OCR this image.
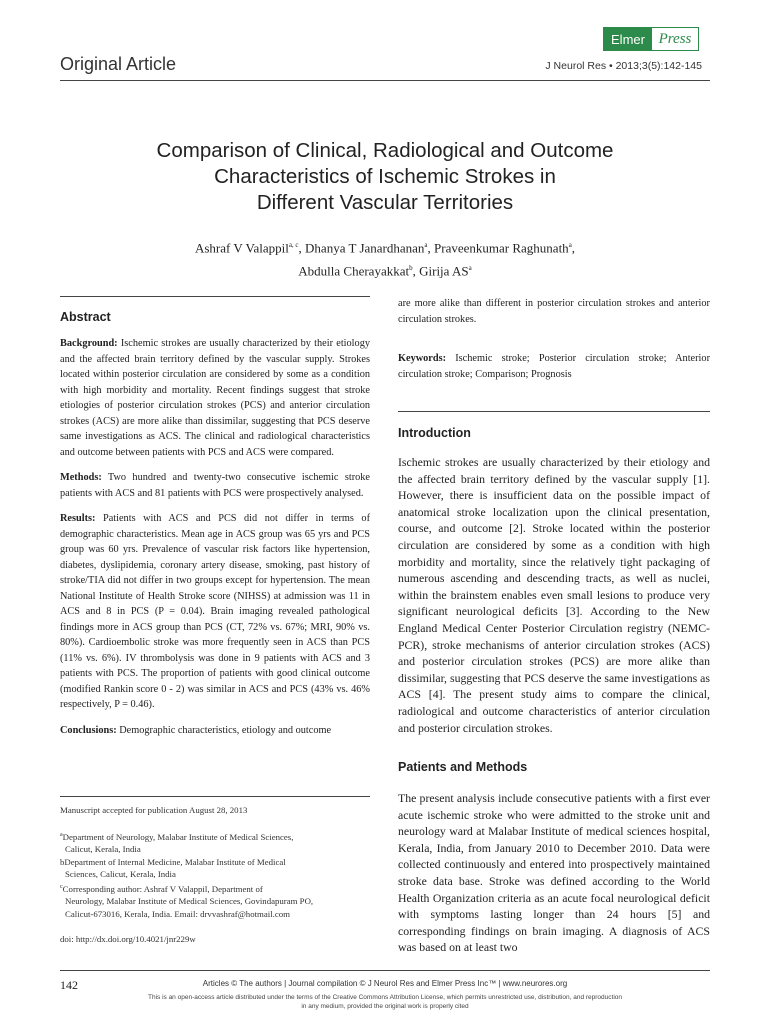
Elmer Press
Original Article	J Neurol Res • 2013;3(5):142-145
Comparison of Clinical, Radiological and Outcome
Characteristics of Ischemic Strokes in
Different Vascular Territories
Ashraf V Valappil$^{a, c}$, Dhanya T Janardhanan$^a$, Praveenkumar Raghunath$^a$,
Abdulla Cherayakkat$^b$, Girija $AS^a$
Abstract

Background: Ischemic strokes are usually characterized by their etiology and the affected brain territory defined by the vascular supply. Strokes located within posterior circulation are considered by some as a condition with high morbidity and mortality. Recent findings suggest that stroke etiologies of posterior circulation strokes (PCS) and anterior circulation strokes (ACS) are more alike than dissimilar, suggesting that PCS deserve same investigations as ACS. The clinical and radiological characteristics and outcome between patients with PCS and ACS were compared.

Methods: Two hundred and twenty-two consecutive ischemic stroke patients with ACS and 81 patients with PCS were prospectively analysed.

Results: Patients with ACS and PCS did not differ in terms of demographic characteristics. Mean age in ACS group was 65 yrs and PCS group was 60 yrs. Prevalence of vascular risk factors like hypertension, diabetes, dyslipidemia, coronary artery disease, smoking, past history of stroke/TIA did not differ in two groups except for hypertension. The mean National Institute of Health Stroke score (NIHSS) at admission was 11 in ACS and 8 in PCS (P = 0.04). Brain imaging revealed pathological findings more in ACS group than PCS (CT, 72% vs. 67%; MRI, 90% vs. 80%). Cardioembolic stroke was more frequently seen in ACS than PCS (11% vs. 6%). IV thrombolysis was done in 9 patients with ACS and 3 patients with PCS. The proportion of patients with good clinical outcome (modified Rankin score 0 - 2) was similar in ACS and PCS (43% vs. 46% respectively, P = 0.46).

Conclusions: Demographic characteristics, etiology and outcome

Manuscript accepted for publication August 28, 2013
$^a$Department of Neurology, Malabar Institute of Medical Sciences,
Calicut, Kerala, India
bDepartment of Internal Medicine, Malabar Institute of Medical
Sciences, Calicut, Kerala, India
$^c$Corresponding author: Ashraf V Valappil, Department of
Neurology, Malabar Institute of Medical Sciences, Govindapuram PO,
Calicut-673016, Kerala, India. Email: drvvashraf@hotmail.com
doi: http://dx.doi.org/10.4021/jnr229w

are more alike than different in posterior circulation strokes and anterior circulation strokes.

Keywords: Ischemic stroke; Posterior circulation stroke; Anterior circulation stroke; Comparison; Prognosis

Introduction

Ischemic strokes are usually characterized by their etiology and the affected brain territory defined by the vascular supply [1]. However, there is insufficient data on the possible impact of anatomical stroke localization upon the clinical presentation, course, and outcome [2]. Stroke located within the posterior circulation are considered by some as a condition with high morbidity and mortality, since the relatively tight packaging of numerous ascending and descending tracts, as well as nuclei, within the brainstem enables even small lesions to produce very significant neurological deficits [3]. According to the New England Medical Center Posterior Circulation registry (NEMC-PCR), stroke mechanisms of anterior circulation strokes (ACS) and posterior circulation strokes (PCS) are more alike than dissimilar, suggesting that PCS deserve the same investigations as ACS [4]. The present study aims to compare the clinical, radiological and outcome characteristics of anterior circulation and posterior circulation strokes.

Patients and Methods

The present analysis include consecutive patients with a first ever acute ischemic stroke who were admitted to the stroke unit and neurology ward at Malabar Institute of medical sciences hospital, Kerala, India, from January 2010 to December 2010. Data were collected continuously and entered into prospectively maintained stroke data base. Stroke was defined according to the World Health Organization criteria as an acute focal neurological deficit with symptoms lasting longer than 24 hours [5] and corresponding findings on brain imaging. A diagnosis of ACS was based on at least two

142	Articles © The authors | Journal compilation © J Neurol Res and Elmer Press Inc™ | www.neurores.org
This is an open-access article distributed under the terms of the Creative Commons Attribution License, which permits unrestricted use, distribution, and reproduction
in any medium, provided the original work is properly cited
